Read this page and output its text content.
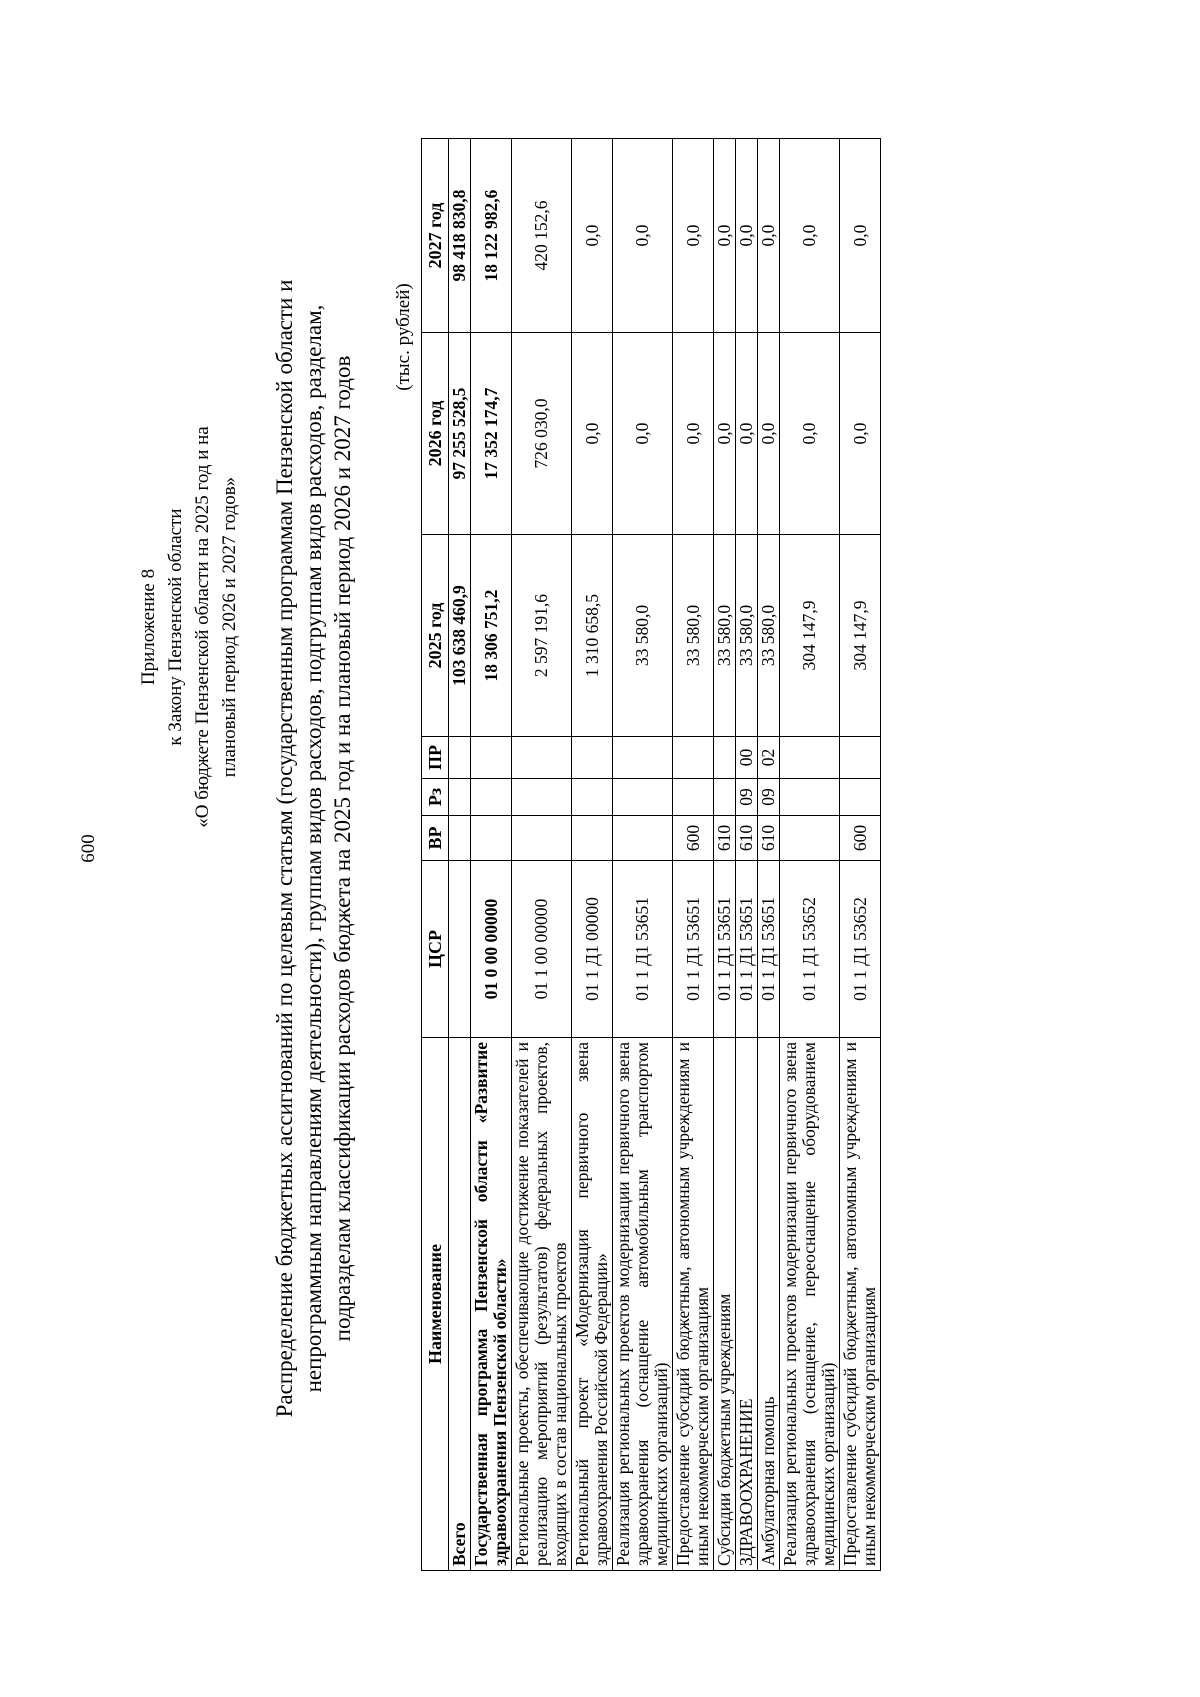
600
Приложение 8 к Закону Пензенской области «О бюджете Пензенской области на 2025 год и на плановый период 2026 и 2027 годов» Распределение бюджетных ассигнований по целевым статьям (государственным программам Пензенской области и непрограммным направлениям деятельности), группам видов расходов, подгруппам видов расходов, разделам, подразделам классификации расходов бюджета на 2025 год и на плановый период 2026 и 2027 годов
(тыс. рублей)
Наименование	ЦСР	ВР	Рз	ПР	2025 год	2026 год	2027 год
Всего					103 638 460,9	97 255 528,5	98 418 830,8
Государственная программа Пензенской области «Развитие здравоохранения Пензенской области»	01 0 00 00000				18 306 751,2	17 352 174,7	18 122 982,6
Региональные проекты, обеспечивающие достижение показателей и реализацию мероприятий (результатов) федеральных проектов, входящих в состав национальных проектов	01 1 00 00000				2 597 191,6	726 030,0	420 152,6
Региональный проект «Модернизация первичного звена здравоохранения Российской Федерации»	01 1 Д1 00000				1 310 658,5	0,0	0,0
Реализация региональных проектов модернизации первичного звена здравоохранения (оснащение автомобильным транспортом медицинских организаций)	01 1 Д1 53651				33 580,0	0,0	0,0
Предоставление субсидий бюджетным, автономным учреждениям и иным некоммерческим организациям	01 1 Д1 53651	600			33 580,0	0,0	0,0
Субсидии бюджетным учреждениям	01 1 Д1 53651	610			33 580,0	0,0	0,0
ЗДРАВООХРАНЕНИЕ	01 1 Д1 53651	610	09	00	33 580,0	0,0	0,0
Амбулаторная помощь	01 1 Д1 53651	610	09	02	33 580,0	0,0	0,0
Реализация региональных проектов модернизации первичного звена здравоохранения (оснащение, переоснащение оборудованием медицинских организаций)	01 1 Д1 53652				304 147,9	0,0	0,0
Предоставление субсидий бюджетным, автономным учреждениям и иным некоммерческим организациям	01 1 Д1 53652	600			304 147,9	0,0	0,0
